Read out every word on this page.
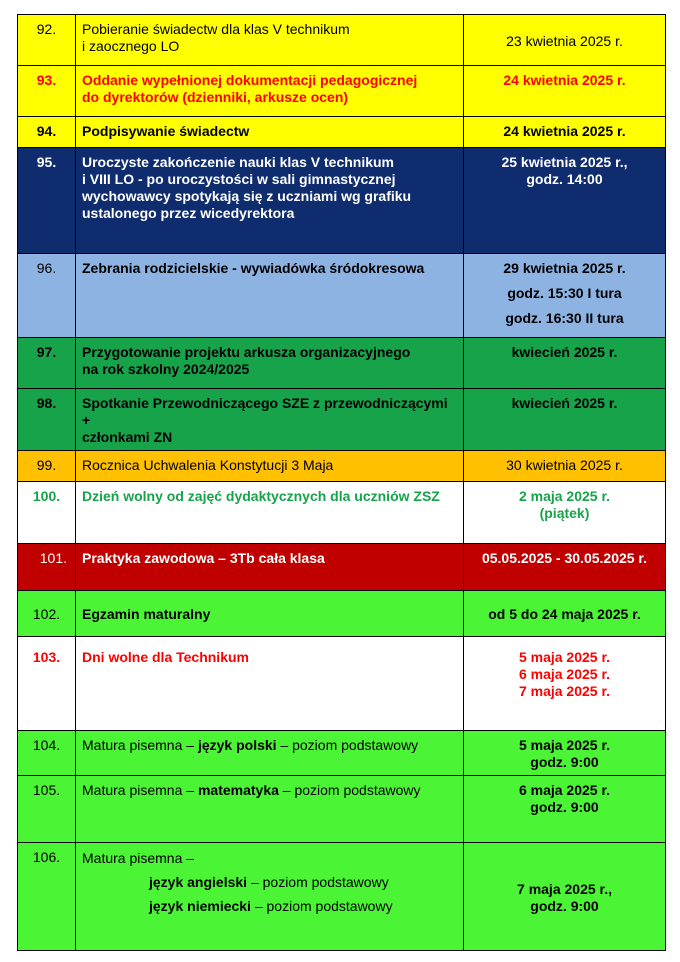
92.	Pobieranie świadectw dla klas V technikum
i zaocznego LO	23 kwietnia 2025 r.

93.	Oddanie wypełnionej dokumentacji pedagogicznej
do dyrektorów (dzienniki, arkusze ocen)	24 kwietnia 2025 r.

94.	Podpisywanie świadectw	24 kwietnia 2025 r.

95.	Uroczyste zakończenie nauki klas V technikum
i VIII LO - po uroczystości w sali gimnastycznej
wychowawcy spotykają się z uczniami wg grafiku
ustalonego przez wicedyrektora	25 kwietnia 2025 r.,
godz. 14:00

96.	Zebrania rodzicielskie - wywiadówka śródokresowa	29 kwietnia 2025 r.
godz. 15:30 I tura
godz. 16:30 II tura

97.	Przygotowanie projektu arkusza organizacyjnego
na rok szkolny 2024/2025	kwiecień 2025 r.

98.	Spotkanie Przewodniczącego SZE z przewodniczącymi +
członkami ZN	kwiecień 2025 r.

99.	Rocznica Uchwalenia Konstytucji 3 Maja	30 kwietnia 2025 r.

100.	Dzień wolny od zajęć dydaktycznych dla uczniów ZSZ	2 maja 2025 r.
(piątek)

101.	Praktyka zawodowa – 3Tb cała klasa	05.05.2025 - 30.05.2025 r.

102.	Egzamin maturalny	od 5 do 24 maja 2025 r.

103.	Dni wolne dla Technikum	5 maja 2025 r.
6 maja 2025 r.
7 maja 2025 r.

104.	Matura pisemna – język polski – poziom podstawowy	5 maja 2025 r.
godz. 9:00

105.	Matura pisemna – matematyka – poziom podstawowy	6 maja 2025 r.
godz. 9:00

106.	Matura pisemna –
język angielski – poziom podstawowy
język niemiecki – poziom podstawowy	7 maja 2025 r.,
godz. 9:00
